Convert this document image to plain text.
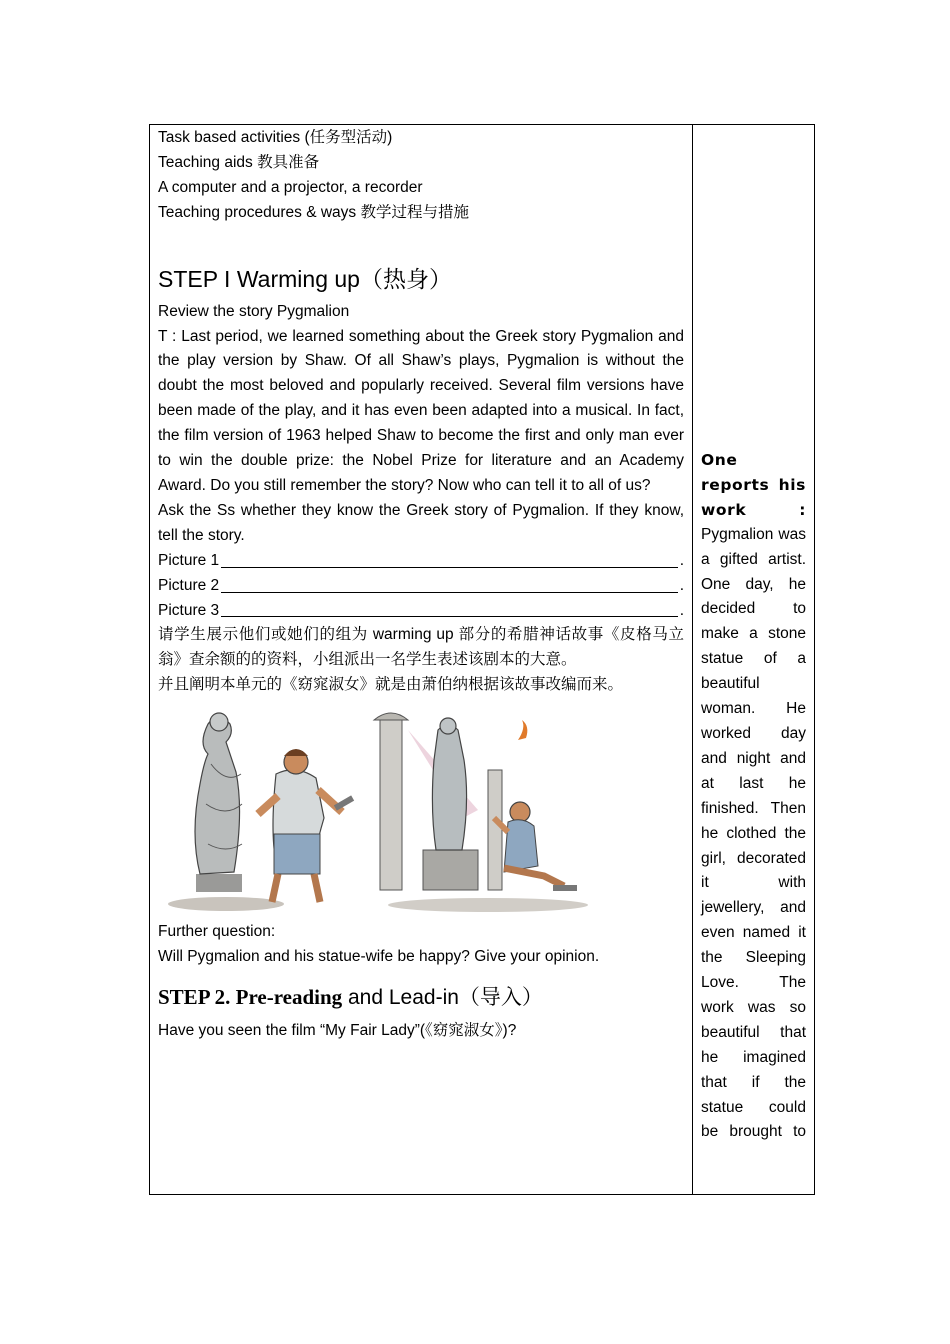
Task based activities (任务型活动)
Teaching aids 教具准备
A computer and a projector, a recorder
Teaching procedures & ways 教学过程与措施
STEP I Warming up（热身）
Review the story Pygmalion

T : Last period, we learned something about the Greek story Pygmalion and the play version by Shaw. Of all Shaw’s plays, Pygmalion is without the doubt the most beloved and popularly received. Several film versions have been made of the play, and it has even been adapted into a musical. In fact, the film version of 1963 helped Shaw to become the first and only man ever to win the double prize: the Nobel Prize for literature and an Academy Award. Do you still remember the story? Now who can tell it to all of us?

Ask the Ss whether they know the Greek story of Pygmalion. If they know, tell the story.

Picture 1	.
Picture 2	.
Picture 3	.

请学生展示他们或她们的组为 warming up 部分的希腊神话故事《皮格马立翁》查余额的的资料，小组派出一名学生表述该剧本的大意。

并且阐明本单元的《窈窕淑女》就是由萧伯纳根据该故事改编而来。

Further question:
Will Pygmalion and his statue-wife be happy? Give your opinion.
STEP 2. Pre-reading and Lead-in（导入）
Have you seen the film “My Fair Lady”(《窈窕淑女》)?

One reports his work :

Pygmalion was a gifted artist. One day, he decided to make a stone statue of a beautiful woman. He worked day and night and at last he finished. Then he clothed the girl, decorated it with jewellery, and even named it the Sleeping Love. The work was so beautiful that he imagined that if the statue could be brought to
